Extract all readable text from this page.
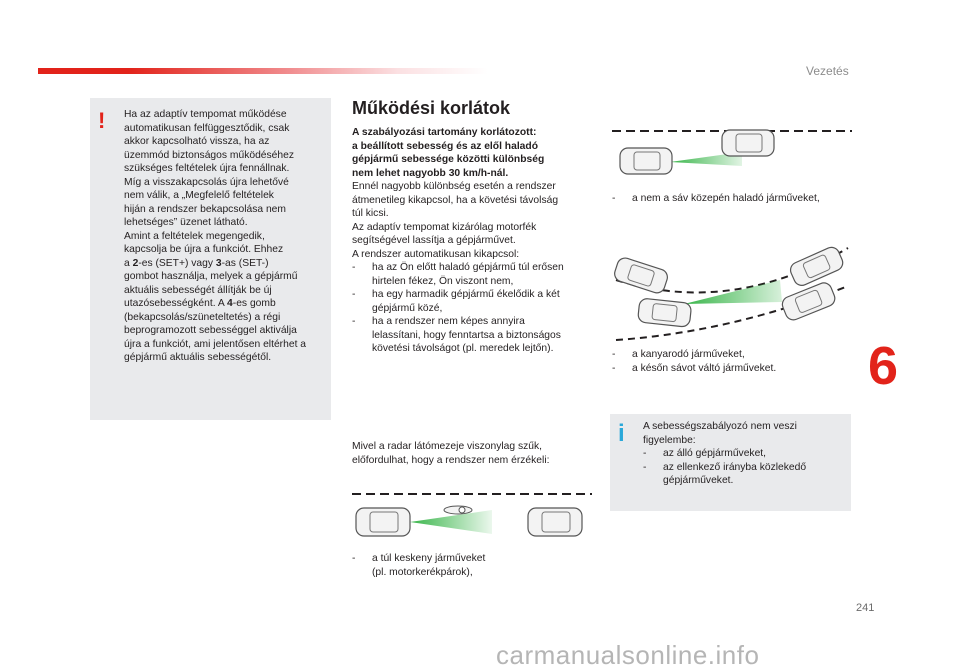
Vezetés
!	Ha az adaptív tempomat működése
automatikusan felfüggesztődik, csak
akkor kapcsolható vissza, ha az
üzemmód biztonságos működéséhez
szükséges feltételek újra fennállnak.
Míg a visszakapcsolás újra lehetővé
nem válik, a „Megfelelő feltételek
hiján a rendszer bekapcsolása nem
lehetséges” üzenet látható.
Amint a feltételek megengedik,
kapcsolja be újra a funkciót. Ehhez
a 2-es (SET+) vagy 3-as (SET-)
gombot használja, melyek a gépjármű
aktuális sebességét állítják be új
utazósebességként. A 4-es gomb
(bekapcsolás/szüneteltetés) a régi
beprogramozott sebességgel aktiválja
újra a funkciót, ami jelentősen eltérhet a
gépjármű aktuális sebességétől.
Működési korlátok
A szabályozási tartomány korlátozott:
a beállított sebesség és az elől haladó
gépjármű sebessége közötti különbség
nem lehet nagyobb 30 km/h-nál.
Ennél nagyobb különbség esetén a rendszer
átmenetileg kikapcsol, ha a követési távolság
túl kicsi.
Az adaptív tempomat kizárólag motorfék
segítségével lassítja a gépjárművet.
A rendszer automatikusan kikapcsol:
- ha az Ön előtt haladó gépjármű túl erősen
hirtelen fékez, Ön viszont nem,
- ha egy harmadik gépjármű ékelődik a két
gépjármű közé,
- ha a rendszer nem képes annyira
lelassítani, hogy fenntartsa a biztonságos
követési távolságot (pl. meredek lejtőn).
Mivel a radar látómezeje viszonylag szűk,
előfordulhat, hogy a rendszer nem érzékeli:
- a nem a sáv közepén haladó járműveket,
- a kanyarodó járműveket,
- a későn sávot váltó járműveket.
- a túl keskeny járműveket
(pl. motorkerékpárok),
i	A sebességszabályozó nem veszi
figyelembe:
- az álló gépjárműveket,
- az ellenkező irányba közlekedő
gépjárműveket.
6
241
carmanualsonline.info
